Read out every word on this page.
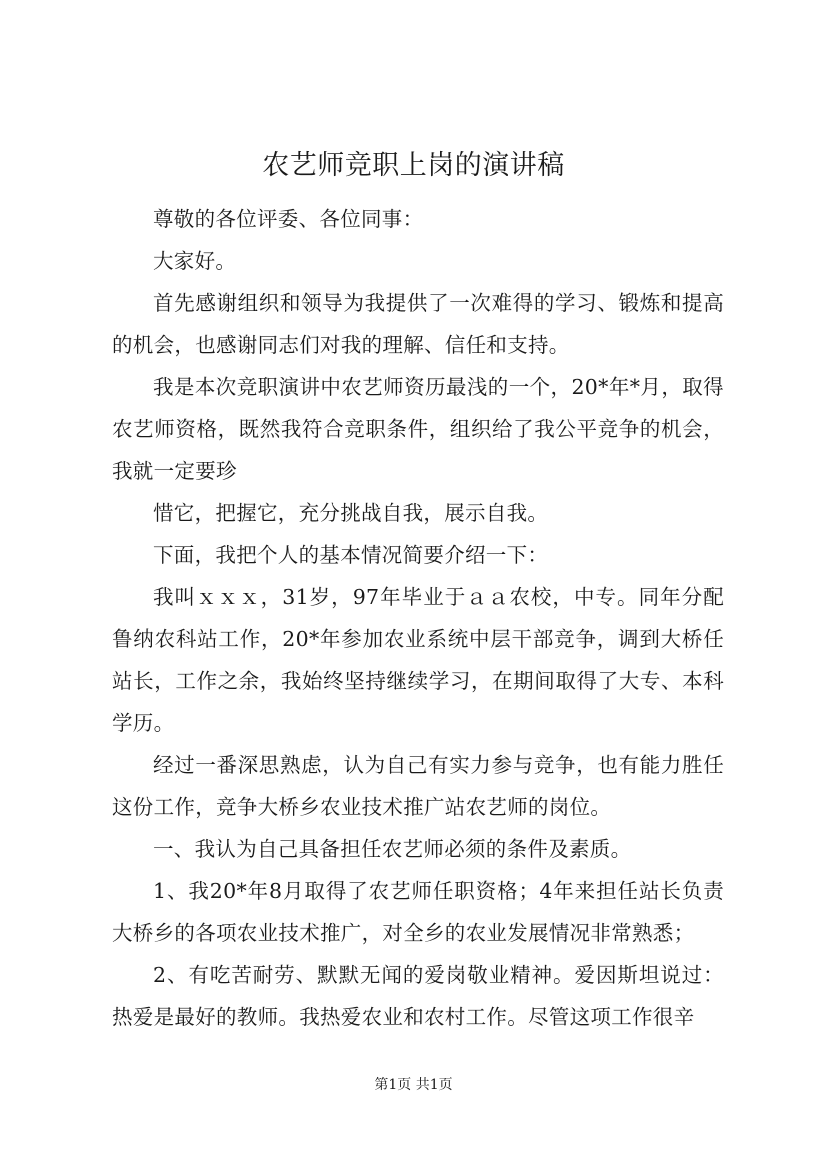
农艺师竞职上岗的演讲稿

尊敬的各位评委、各位同事：

大家好。

首先感谢组织和领导为我提供了一次难得的学习、锻炼和提高的机会，也感谢同志们对我的理解、信任和支持。

我是本次竞职演讲中农艺师资历最浅的一个，20*年*月，取得农艺师资格，既然我符合竞职条件，组织给了我公平竞争的机会，我就一定要珍

惜它，把握它，充分挑战自我，展示自我。

下面，我把个人的基本情况简要介绍一下：

我叫ｘｘｘ，31岁，97年毕业于ａａ农校，中专。同年分配鲁纳农科站工作，20*年参加农业系统中层干部竞争，调到大桥任站长，工作之余，我始终坚持继续学习，在期间取得了大专、本科学历。

经过一番深思熟虑，认为自己有实力参与竞争，也有能力胜任这份工作，竞争大桥乡农业技术推广站农艺师的岗位。

一、我认为自己具备担任农艺师必须的条件及素质。

1、我20*年8月取得了农艺师任职资格；4年来担任站长负责大桥乡的各项农业技术推广，对全乡的农业发展情况非常熟悉；

2、有吃苦耐劳、默默无闻的爱岗敬业精神。爱因斯坦说过：热爱是最好的教师。我热爱农业和农村工作。尽管这项工作很辛

第1页 共1页
